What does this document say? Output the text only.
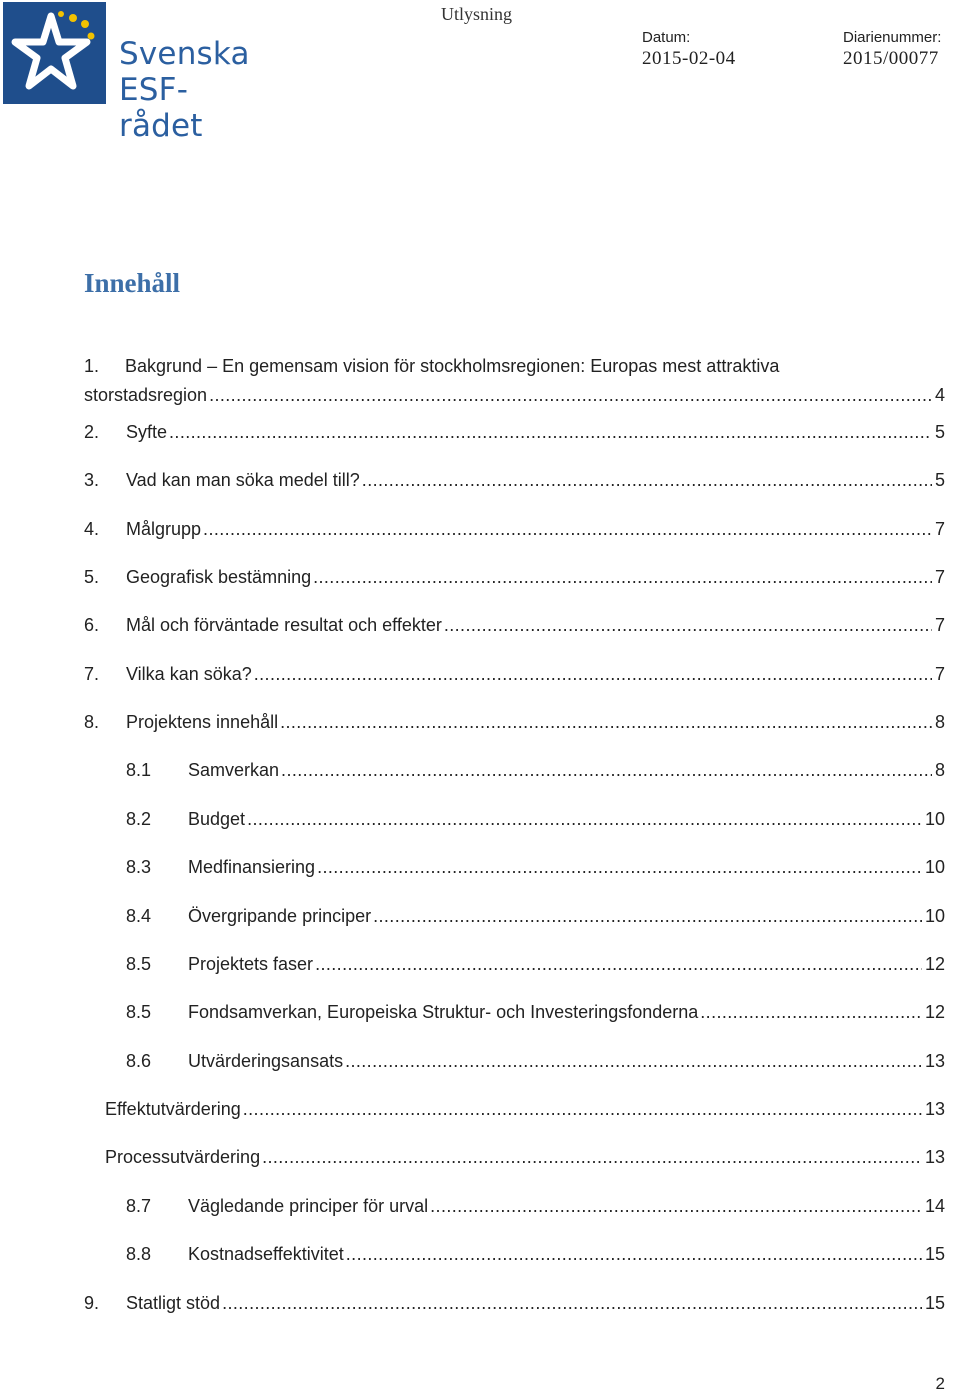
Svenska
ESF-rådet
Utlysning
Datum:
2015-02-04
Diarienummer:
2015/00077
Innehåll
1. Bakgrund – En gemensam vision för stockholmsregionen: Europas mest attraktiva
storstadsregion .....	4
2.	Syfte .....	5
3.	Vad kan man söka medel till? .....	5
4.	Målgrupp .....	7
5.	Geografisk bestämning .....	7
6.	Mål och förväntade resultat och effekter .....	7
7.	Vilka kan söka? .....	7
8.	Projektens innehåll .....	8
8.1	Samverkan .....	8
8.2	Budget .....	10
8.3	Medfinansiering .....	10
8.4	Övergripande principer .....	10
8.5	Projektets faser .....	12
8.5	Fondsamverkan, Europeiska Struktur- och Investeringsfonderna .....	12
8.6	Utvärderingsansats .....	13
Effektutvärdering .....	13
Processutvärdering .....	13
8.7	Vägledande principer för urval .....	14
8.8	Kostnadseffektivitet .....	15
9.	Statligt stöd .....	15
2
